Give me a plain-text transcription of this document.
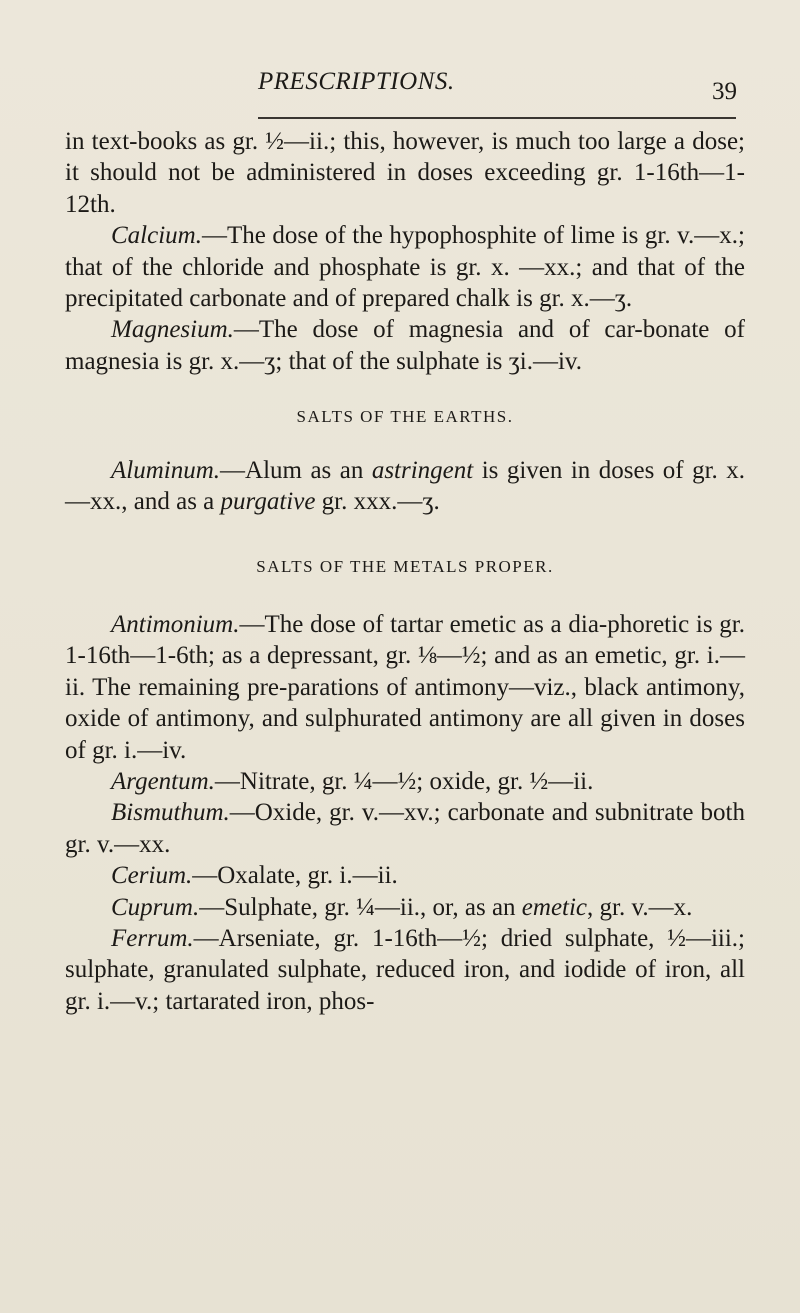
PRESCRIPTIONS.	39

in text-books as gr. ½—ii.; this, however, is much too large a dose; it should not be administered in doses exceeding gr. 1-16th—1-12th.

Calcium.—The dose of the hypophosphite of lime is gr. v.—x.; that of the chloride and phosphate is gr. x. —xx.; and that of the precipitated carbonate and of prepared chalk is gr. x.—ʒ.

Magnesium.—The dose of magnesia and of car-bonate of magnesia is gr. x.—ʒ; that of the sulphate is ʒi.—iv.

SALTS OF THE EARTHS.

Aluminum.—Alum as an astringent is given in doses of gr. x.—xx., and as a purgative gr. xxx.—ʒ.

SALTS OF THE METALS PROPER.

Antimonium.—The dose of tartar emetic as a dia-phoretic is gr. 1-16th—1-6th; as a depressant, gr. ⅛—½; and as an emetic, gr. i.—ii. The remaining pre-parations of antimony—viz., black antimony, oxide of antimony, and sulphurated antimony are all given in doses of gr. i.—iv.

Argentum.—Nitrate, gr. ¼—½; oxide, gr. ½—ii.

Bismuthum.—Oxide, gr. v.—xv.; carbonate and subnitrate both gr. v.—xx.

Cerium.—Oxalate, gr. i.—ii.

Cuprum.—Sulphate, gr. ¼—ii., or, as an emetic, gr. v.—x.

Ferrum.—Arseniate, gr. 1-16th—½; dried sulphate, ½—iii.; sulphate, granulated sulphate, reduced iron, and iodide of iron, all gr. i.—v.; tartarated iron, phos-
